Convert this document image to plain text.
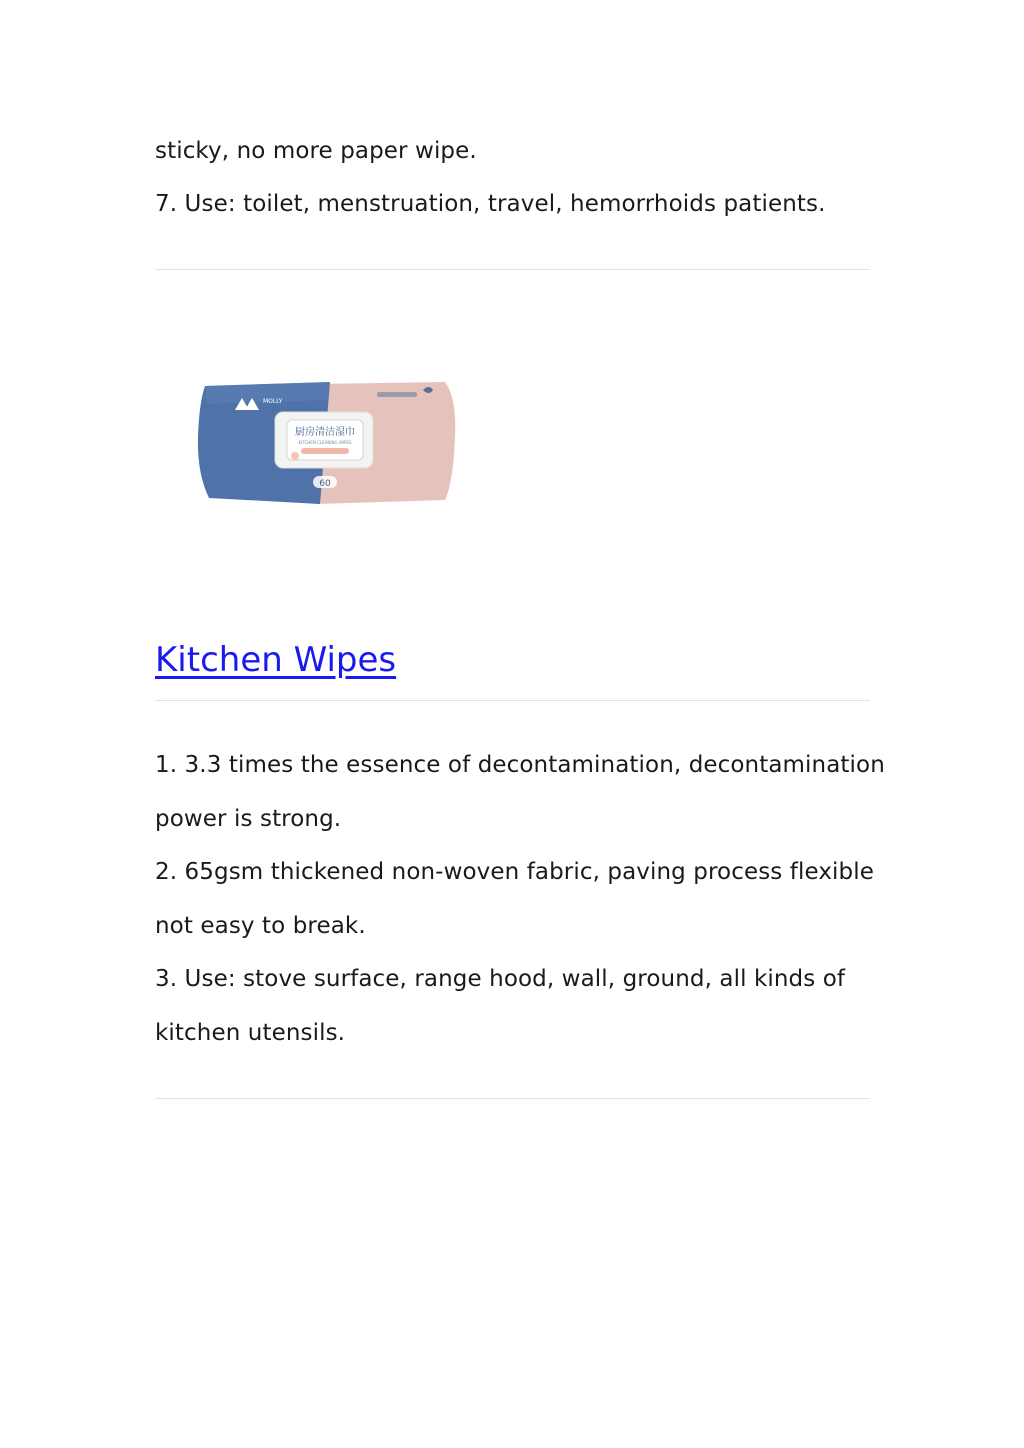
sticky, no more paper wipe.
7. Use: toilet, menstruation, travel, hemorrhoids patients.
MOLLY
厨房清洁湿巾
KITCHEN CLEANING WIPES
60
Kitchen Wipes
1. 3.3 times the essence of decontamination, decontamination
power is strong.
2. 65gsm thickened non-woven fabric, paving process flexible
not easy to break.
3. Use: stove surface, range hood, wall, ground, all kinds of
kitchen utensils.
